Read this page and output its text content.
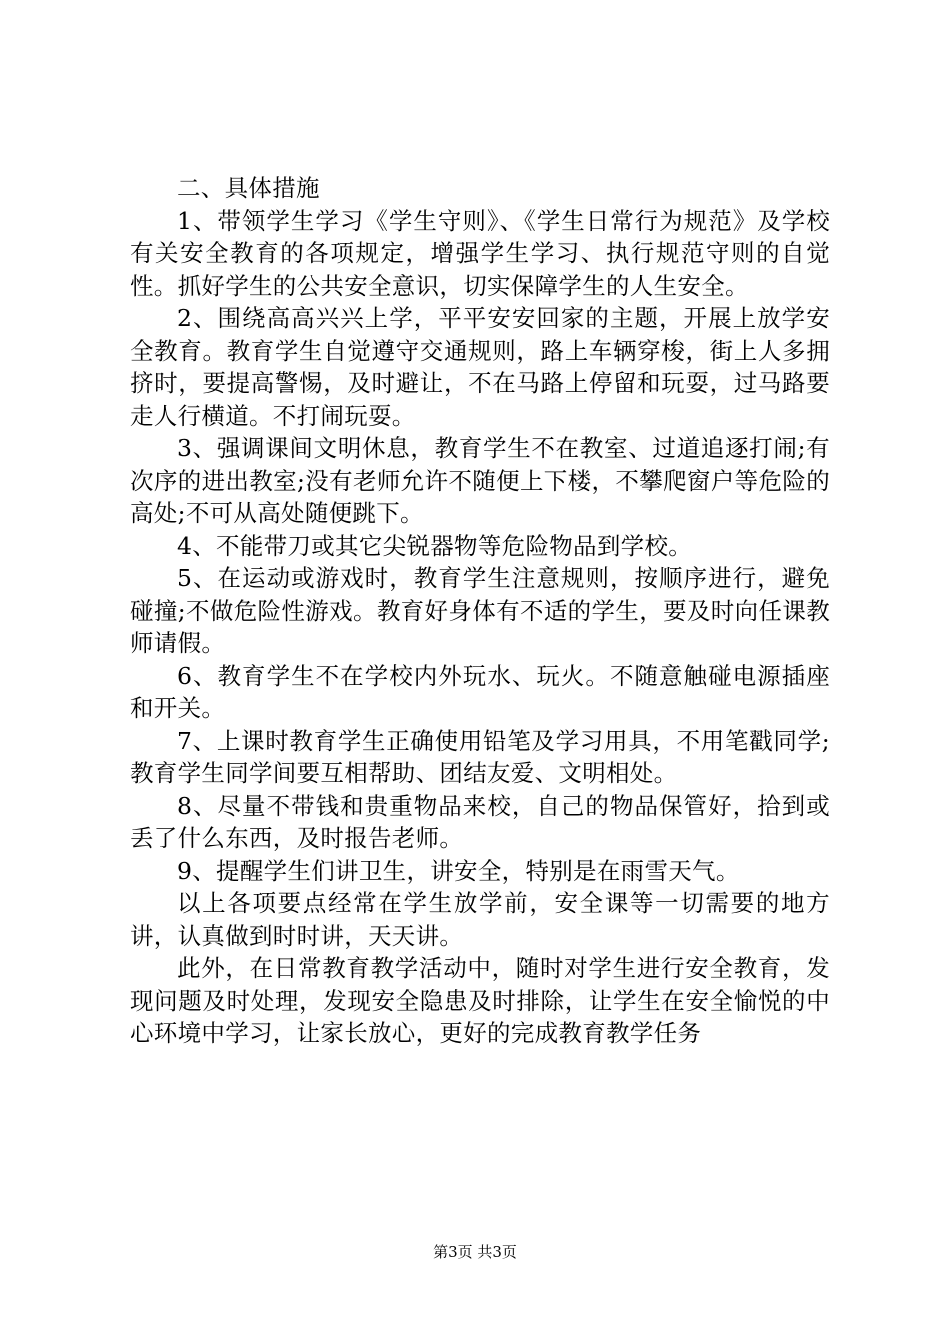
二、具体措施

1、带领学生学习《学生守则》、《学生日常行为规范》及学校有关安全教育的各项规定，增强学生学习、执行规范守则的自觉性。抓好学生的公共安全意识，切实保障学生的人生安全。

2、围绕高高兴兴上学，平平安安回家的主题，开展上放学安全教育。教育学生自觉遵守交通规则，路上车辆穿梭，街上人多拥挤时，要提高警惕，及时避让，不在马路上停留和玩耍，过马路要走人行横道。不打闹玩耍。

3、强调课间文明休息，教育学生不在教室、过道追逐打闹;有次序的进出教室;没有老师允许不随便上下楼，不攀爬窗户等危险的高处;不可从高处随便跳下。

4、不能带刀或其它尖锐器物等危险物品到学校。

5、在运动或游戏时，教育学生注意规则，按顺序进行，避免碰撞;不做危险性游戏。教育好身体有不适的学生，要及时向任课教师请假。

6、教育学生不在学校内外玩水、玩火。不随意触碰电源插座和开关。

7、上课时教育学生正确使用铅笔及学习用具，不用笔戳同学;教育学生同学间要互相帮助、团结友爱、文明相处。

8、尽量不带钱和贵重物品来校，自己的物品保管好，拾到或丢了什么东西，及时报告老师。

9、提醒学生们讲卫生，讲安全，特别是在雨雪天气。

以上各项要点经常在学生放学前，安全课等一切需要的地方讲，认真做到时时讲，天天讲。

此外，在日常教育教学活动中，随时对学生进行安全教育，发现问题及时处理，发现安全隐患及时排除，让学生在安全愉悦的中心环境中学习，让家长放心，更好的完成教育教学任务

第3页 共3页
